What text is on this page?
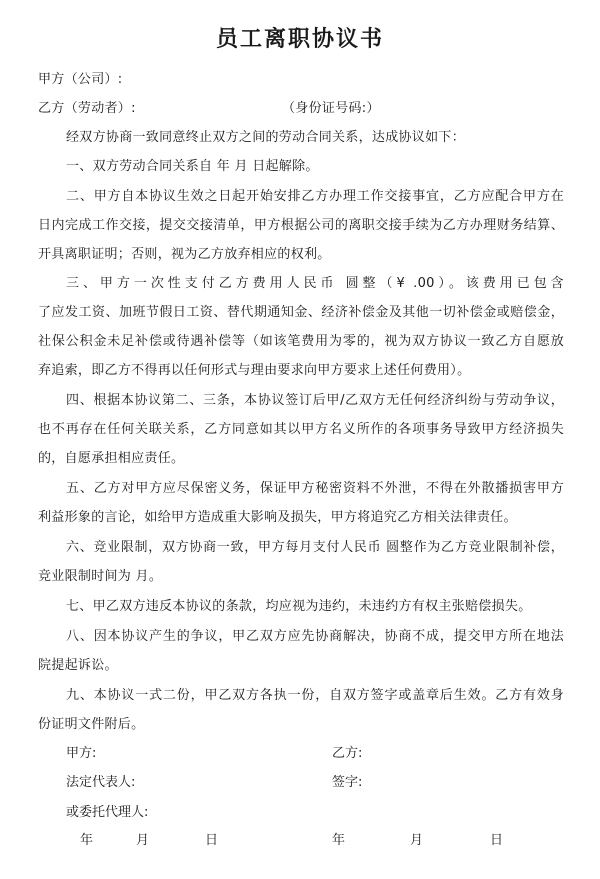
员工离职协议书
甲方（公司）:
乙方（劳动者）:	（身份证号码:）
经双方协商一致同意终止双方之间的劳动合同关系，达成协议如下：
一、双方劳动合同关系自 年 月 日起解除。
二、甲方自本协议生效之日起开始安排乙方办理工作交接事宜，乙方应配合甲方在
日内完成工作交接，提交交接清单，甲方根据公司的离职交接手续为乙方办理财务结算、
开具离职证明；否则，视为乙方放弃相应的权利。
三、甲方一次性支付乙方费用人民币 圆整（¥ .00）。该费用已包含
了应发工资、加班节假日工资、替代期通知金、经济补偿金及其他一切补偿金或赔偿金，
社保公积金未足补偿或待遇补偿等（如该笔费用为零的，视为双方协议一致乙方自愿放
弃追索，即乙方不得再以任何形式与理由要求向甲方要求上述任何费用）。
四、根据本协议第二、三条，本协议签订后甲/乙双方无任何经济纠纷与劳动争议，
也不再存在任何关联关系，乙方同意如其以甲方名义所作的各项事务导致甲方经济损失
的，自愿承担相应责任。
五、乙方对甲方应尽保密义务，保证甲方秘密资料不外泄，不得在外散播损害甲方
利益形象的言论，如给甲方造成重大影响及损失，甲方将追究乙方相关法律责任。
六、竞业限制，双方协商一致，甲方每月支付人民币 圆整作为乙方竞业限制补偿，
竞业限制时间为 月。
七、甲乙双方违反本协议的条款，均应视为违约，未违约方有权主张赔偿损失。
八、因本协议产生的争议，甲乙双方应先协商解决，协商不成，提交甲方所在地法
院提起诉讼。
九、本协议一式二份，甲乙双方各执一份，自双方签字或盖章后生效。乙方有效身
份证明文件附后。
甲方:	乙方:
法定代表人:	签字:
或委托代理人:
年	月	日	年	月	日
